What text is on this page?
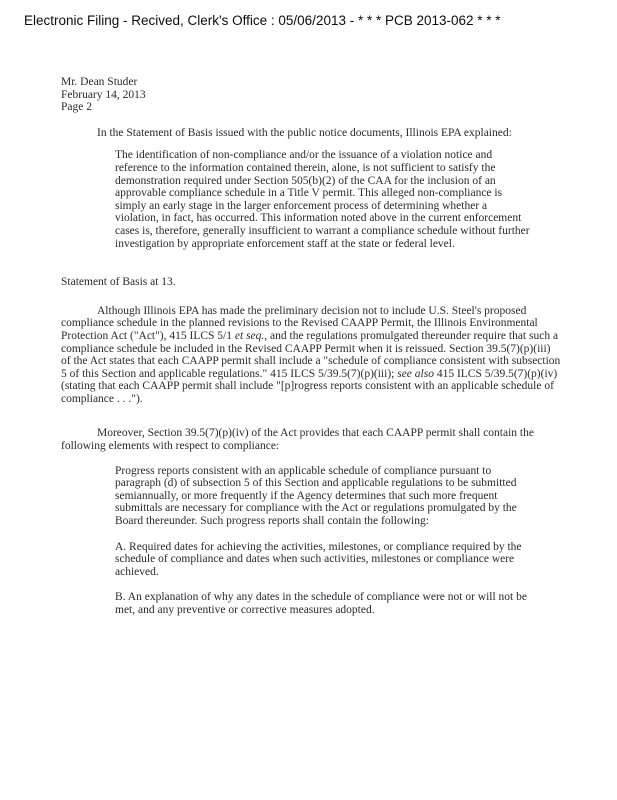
Electronic Filing - Recived, Clerk's Office : 05/06/2013 - * * * PCB 2013-062 * * *
Mr. Dean Studer
February 14, 2013
Page 2

In the Statement of Basis issued with the public notice documents, Illinois EPA explained:

The identification of non-compliance and/or the issuance of a violation notice and reference to the information contained therein, alone, is not sufficient to satisfy the demonstration required under Section 505(b)(2) of the CAA for the inclusion of an approvable compliance schedule in a Title V permit. This alleged non-compliance is simply an early stage in the larger enforcement process of determining whether a violation, in fact, has occurred. This information noted above in the current enforcement cases is, therefore, generally insufficient to warrant a compliance schedule without further investigation by appropriate enforcement staff at the state or federal level.

Statement of Basis at 13.

Although Illinois EPA has made the preliminary decision not to include U.S. Steel's proposed compliance schedule in the planned revisions to the Revised CAAPP Permit, the Illinois Environmental Protection Act ("Act"), 415 ILCS 5/1 et seq., and the regulations promulgated thereunder require that such a compliance schedule be included in the Revised CAAPP Permit when it is reissued. Section 39.5(7)(p)(iii) of the Act states that each CAAPP permit shall include a "schedule of compliance consistent with subsection 5 of this Section and applicable regulations." 415 ILCS 5/39.5(7)(p)(iii); see also 415 ILCS 5/39.5(7)(p)(iv) (stating that each CAAPP permit shall include "[p]rogress reports consistent with an applicable schedule of compliance . . .").

Moreover, Section 39.5(7)(p)(iv) of the Act provides that each CAAPP permit shall contain the following elements with respect to compliance:

Progress reports consistent with an applicable schedule of compliance pursuant to paragraph (d) of subsection 5 of this Section and applicable regulations to be submitted semiannually, or more frequently if the Agency determines that such more frequent submittals are necessary for compliance with the Act or regulations promulgated by the Board thereunder. Such progress reports shall contain the following:

A. Required dates for achieving the activities, milestones, or compliance required by the schedule of compliance and dates when such activities, milestones or compliance were achieved.

B. An explanation of why any dates in the schedule of compliance were not or will not be met, and any preventive or corrective measures adopted.
